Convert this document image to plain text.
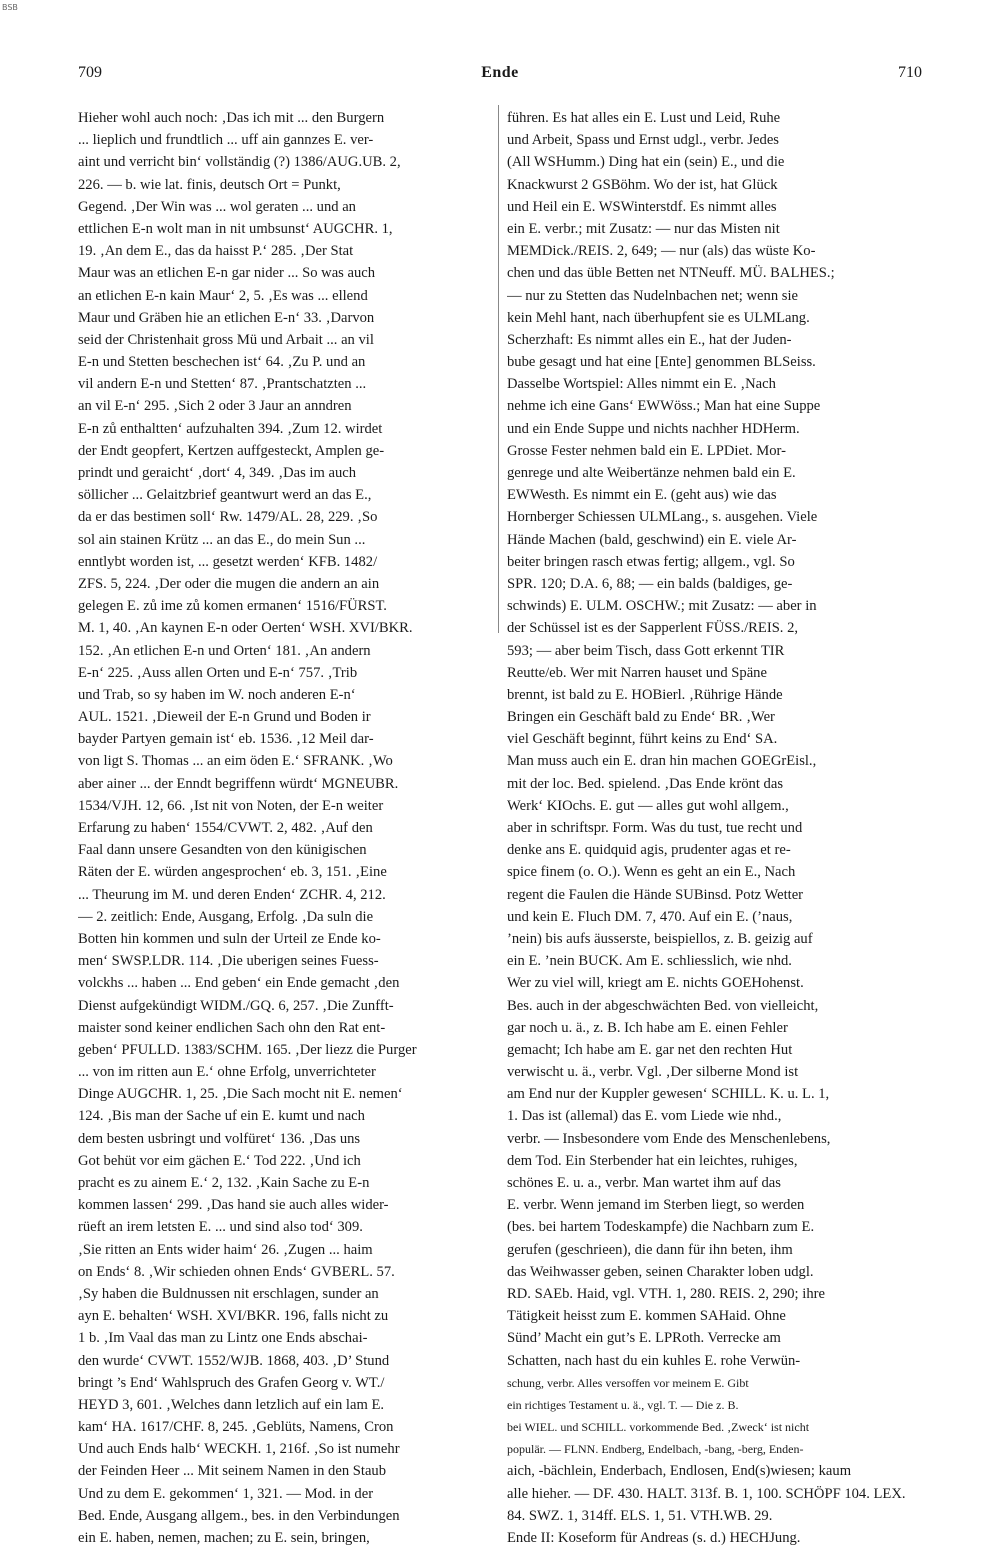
BSB
709	Ende	710
Hieher wohl auch noch: ‚Das ich mit ... den Burgern
... lieplich und frundtlich ... uff ain gannzes E. ver-
aint und verricht bin‘ vollständig (?) 1386/AUG.UB. 2,
226. — b. wie lat. finis, deutsch Ort = Punkt,
Gegend. ‚Der Win was ... wol geraten ... und an
ettlichen E-n wolt man in nit umbsunst‘ AUGCHR. 1,
19. ‚An dem E., das da haisst P.‘ 285. ‚Der Stat
Maur was an etlichen E-n gar nider ... So was auch
an etlichen E-n kain Maur‘ 2, 5. ‚Es was ... ellend
Maur und Gräben hie an etlichen E-n‘ 33. ‚Darvon
seid der Christenhait gross Mü und Arbait ... an vil
E-n und Stetten beschechen ist‘ 64. ‚Zu P. und an
vil andern E-n und Stetten‘ 87. ‚Prantschatzten ...
an vil E-n‘ 295. ‚Sich 2 oder 3 Jaur an anndren
E-n zů enthaltten‘ aufzuhalten 394. ‚Zum 12. wirdet
der Endt geopfert, Kertzen auffgesteckt, Amplen ge-
prindt und geraicht‘ ‚dort‘ 4, 349. ‚Das im auch
söllicher ... Gelaitzbrief geantwurt werd an das E.,
da er das bestimen soll‘ Rw. 1479/AL. 28, 229. ‚So
sol ain stainen Krütz ... an das E., do mein Sun ...
enntlybt worden ist, ... gesetzt werden‘ KFB. 1482/
ZFS. 5, 224. ‚Der oder die mugen die andern an ain
gelegen E. zů ime zů komen ermanen‘ 1516/FÜRST.
M. 1, 40. ‚An kaynen E-n oder Oerten‘ WSH. XVI/BKR.
152. ‚An etlichen E-n und Orten‘ 181. ‚An andern
E-n‘ 225. ‚Auss allen Orten und E-n‘ 757. ‚Trib
und Trab, so sy haben im W. noch anderen E-n‘
AUL. 1521. ‚Dieweil der E-n Grund und Boden ir
bayder Partyen gemain ist‘ eb. 1536. ‚12 Meil dar-
von ligt S. Thomas ... an eim öden E.‘ SFRANK. ‚Wo
aber ainer ... der Enndt begriffenn würdt‘ MGNEUBR.
1534/VJH. 12, 66. ‚Ist nit von Noten, der E-n weiter
Erfarung zu haben‘ 1554/CVWT. 2, 482. ‚Auf den
Faal dann unsere Gesandten von den künigischen
Räten der E. würden angesprochen‘ eb. 3, 151. ‚Eine
... Theurung im M. und deren Enden‘ ZCHR. 4, 212.
— 2. zeitlich: Ende, Ausgang, Erfolg. ‚Da suln die
Botten hin kommen und suln der Urteil ze Ende ko-
men‘ SWSP.LDR. 114. ‚Die uberigen seines Fuess-
volckhs ... haben ... End geben‘ ein Ende gemacht ‚den
Dienst aufgekündigt WIDM./GQ. 6, 257. ‚Die Zunfft-
maister sond keiner endlichen Sach ohn den Rat ent-
geben‘ PFULLD. 1383/SCHM. 165. ‚Der liezz die Purger
... von im ritten aun E.‘ ohne Erfolg, unverrichteter
Dinge AUGCHR. 1, 25. ‚Die Sach mocht nit E. nemen‘
124. ‚Bis man der Sache uf ein E. kumt und nach
dem besten usbringt und volfüret‘ 136. ‚Das uns
Got behüt vor eim gächen E.‘ Tod 222. ‚Und ich
pracht es zu ainem E.‘ 2, 132. ‚Kain Sache zu E-n
kommen lassen‘ 299. ‚Das hand sie auch alles wider-
rüeft an irem letsten E. ... und sind also tod‘ 309.
‚Sie ritten an Ents wider haim‘ 26. ‚Zugen ... haim
on Ends‘ 8. ‚Wir schieden ohnen Ends‘ GVBERL. 57.
‚Sy haben die Buldnussen nit erschlagen, sunder an
ayn E. behalten‘ WSH. XVI/BKR. 196, falls nicht zu
1 b. ‚Im Vaal das man zu Lintz one Ends abschai-
den wurde‘ CVWT. 1552/WJB. 1868, 403. ‚D’ Stund
bringt ’s End‘ Wahlspruch des Grafen Georg v. WT./
HEYD 3, 601. ‚Welches dann letzlich auf ein lam E.
kam‘ HA. 1617/CHF. 8, 245. ‚Geblüts, Namens, Cron
Und auch Ends halb‘ WECKH. 1, 216f. ‚So ist numehr
der Feinden Heer ... Mit seinem Namen in den Staub
Und zu dem E. gekommen‘ 1, 321. — Mod. in der
Bed. Ende, Ausgang allgem., bes. in den Verbindungen
ein E. haben, nemen, machen; zu E. sein, bringen,
führen. Es hat alles ein E. Lust und Leid, Ruhe
und Arbeit, Spass und Ernst udgl., verbr. Jedes
(All WSHumm.) Ding hat ein (sein) E., und die
Knackwurst 2 GSBöhm. Wo der ist, hat Glück
und Heil ein E. WSWinterstdf. Es nimmt alles
ein E. verbr.; mit Zusatz: — nur das Misten nit
MEMDick./REIS. 2, 649; — nur (als) das wüste Ko-
chen und das üble Betten net NTNeuff. MÜ. BALHES.;
— nur zu Stetten das Nudelnbachen net; wenn sie
kein Mehl hant, nach überhupfent sie es ULMLang.
Scherzhaft: Es nimmt alles ein E., hat der Juden-
bube gesagt und hat eine [Ente] genommen BLSeiss.
Dasselbe Wortspiel: Alles nimmt ein E. ‚Nach
nehme ich eine Gans‘ EWWöss.; Man hat eine Suppe
und ein Ende Suppe und nichts nachher HDHerm.
Grosse Fester nehmen bald ein E. LPDiet. Mor-
genrege und alte Weibertänze nehmen bald ein E.
EWWesth. Es nimmt ein E. (geht aus) wie das
Hornberger Schiessen ULMLang., s. ausgehen. Viele
Hände Machen (bald, geschwind) ein E. viele Ar-
beiter bringen rasch etwas fertig; allgem., vgl. So
SPR. 120; D.A. 6, 88; — ein balds (baldiges, ge-
schwinds) E. ULM. OSCHW.; mit Zusatz: — aber in
der Schüssel ist es der Sapperlent FÜSS./REIS. 2,
593; — aber beim Tisch, dass Gott erkennt TIR
Reutte/eb. Wer mit Narren hauset und Späne
brennt, ist bald zu E. HOBierl. ‚Rührige Hände
Bringen ein Geschäft bald zu Ende‘ BR. ‚Wer
viel Geschäft beginnt, führt keins zu End‘ SA.
Man muss auch ein E. dran hin machen GOEGrEisl.,
mit der loc. Bed. spielend. ‚Das Ende krönt das
Werk‘ KIOchs. E. gut — alles gut wohl allgem.,
aber in schriftspr. Form. Was du tust, tue recht und
denke ans E. quidquid agis, prudenter agas et re-
spice finem (o. O.). Wenn es geht an ein E., Nach
regent die Faulen die Hände SUBinsd. Potz Wetter
und kein E. Fluch DM. 7, 470. Auf ein E. (’naus,
’nein) bis aufs äusserste, beispiellos, z. B. geizig auf
ein E. ’nein BUCK. Am E. schliesslich, wie nhd.
Wer zu viel will, kriegt am E. nichts GOEHohenst.
Bes. auch in der abgeschwächten Bed. von vielleicht,
gar noch u. ä., z. B. Ich habe am E. einen Fehler
gemacht; Ich habe am E. gar net den rechten Hut
verwischt u. ä., verbr. Vgl. ‚Der silberne Mond ist
am End nur der Kuppler gewesen‘ SCHILL. K. u. L. 1,
1. Das ist (allemal) das E. vom Liede wie nhd.,
verbr. — Insbesondere vom Ende des Menschenlebens,
dem Tod. Ein Sterbender hat ein leichtes, ruhiges,
schönes E. u. a., verbr. Man wartet ihm auf das
E. verbr. Wenn jemand im Sterben liegt, so werden
(bes. bei hartem Todeskampfe) die Nachbarn zum E.
gerufen (geschrieen), die dann für ihn beten, ihm
das Weihwasser geben, seinen Charakter loben udgl.
RD. SAEb. Haid, vgl. VTH. 1, 280. REIS. 2, 290; ihre
Tätigkeit heisst zum E. kommen SAHaid. Ohne
Sünd’ Macht ein gut’s E. LPRoth. Verrecke am
Schatten, nach hast du ein kuhles E. rohe Verwün-
schung, verbr. Alles versoffen vor meinem E. Gibt
ein richtiges Testament u. ä., vgl. T. — Die z. B.
bei WIEL. und SCHILL. vorkommende Bed. ‚Zweck‘ ist nicht
populär. — FLNN. Endberg, Endelbach, -bang, -berg, Enden-
aich, -bächlein, Enderbach, Endlosen, End(s)wiesen; kaum
alle hieher. — DF. 430. HALT. 313f. B. 1, 100. SCHÖPF 104. LEX.
84. SWZ. 1, 314ff. ELS. 1, 51. VTH.WB. 29.
Ende II: Koseform für Andreas (s. d.) HECHJung.
